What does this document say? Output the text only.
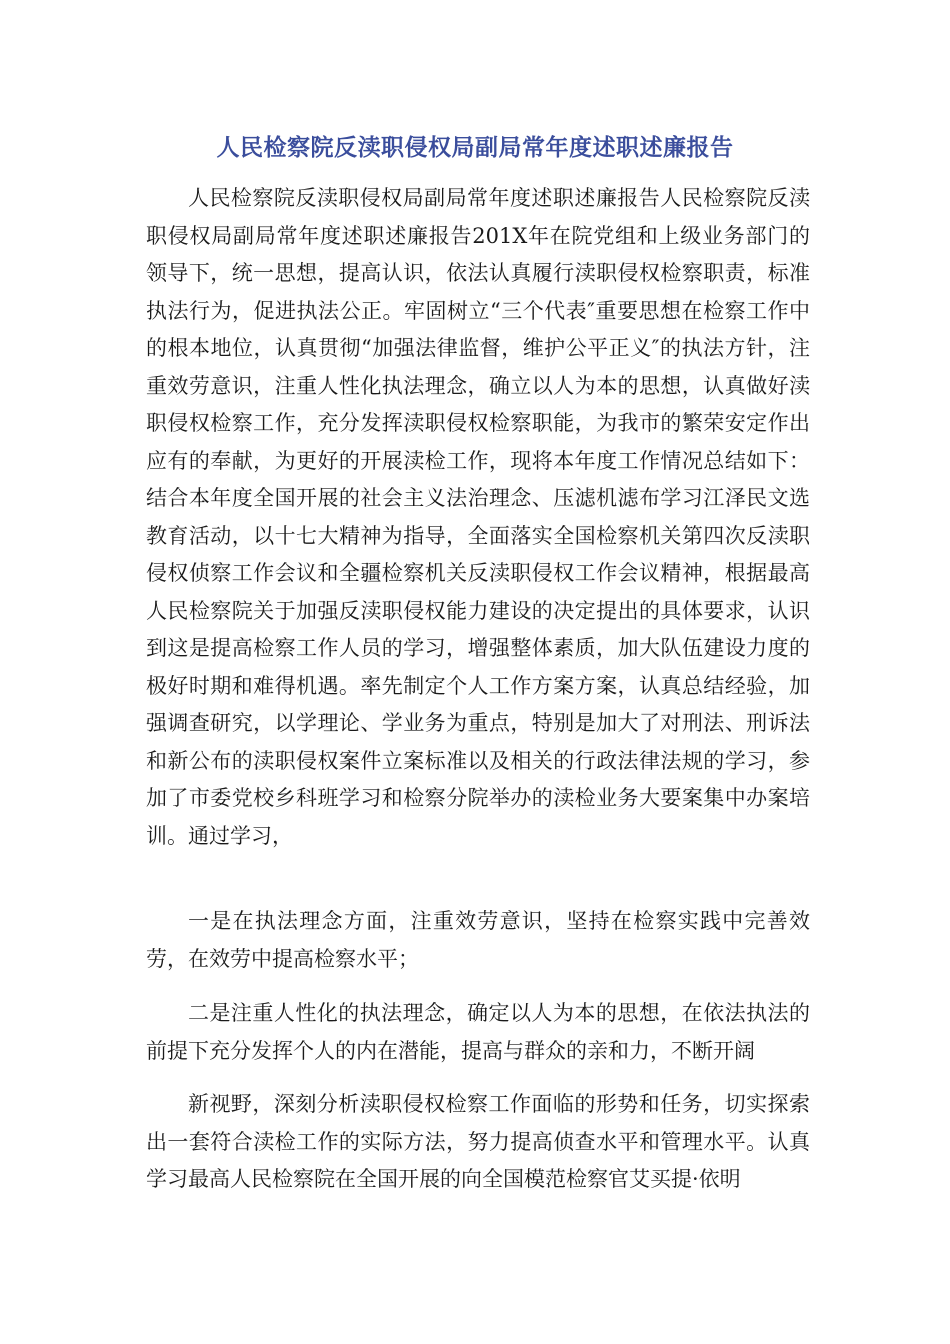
人民检察院反渎职侵权局副局常年度述职述廉报告

人民检察院反渎职侵权局副局常年度述职述廉报告人民检察院反渎职侵权局副局常年度述职述廉报告201X年在院党组和上级业务部门的领导下，统一思想，提高认识，依法认真履行渎职侵权检察职责，标准执法行为，促进执法公正。牢固树立“三个代表″重要思想在检察工作中的根本地位，认真贯彻“加强法律监督，维护公平正义″的执法方针，注重效劳意识，注重人性化执法理念，确立以人为本的思想，认真做好渎职侵权检察工作，充分发挥渎职侵权检察职能，为我市的繁荣安定作出应有的奉献，为更好的开展渎检工作，现将本年度工作情况总结如下：结合本年度全国开展的社会主义法治理念、压滤机滤布学习江泽民文选教育活动，以十七大精神为指导，全面落实全国检察机关第四次反渎职侵权侦察工作会议和全疆检察机关反渎职侵权工作会议精神，根据最高人民检察院关于加强反渎职侵权能力建设的决定提出的具体要求，认识到这是提高检察工作人员的学习，增强整体素质，加大队伍建设力度的极好时期和难得机遇。率先制定个人工作方案方案，认真总结经验，加强调查研究，以学理论、学业务为重点，特别是加大了对刑法、刑诉法和新公布的渎职侵权案件立案标准以及相关的行政法律法规的学习，参加了市委党校乡科班学习和检察分院举办的渎检业务大要案集中办案培训。通过学习，

一是在执法理念方面，注重效劳意识，坚持在检察实践中完善效劳，在效劳中提高检察水平；

二是注重人性化的执法理念，确定以人为本的思想，在依法执法的前提下充分发挥个人的内在潜能，提高与群众的亲和力，不断开阔

新视野，深刻分析渎职侵权检察工作面临的形势和任务，切实探索出一套符合渎检工作的实际方法，努力提高侦查水平和管理水平。认真学习最高人民检察院在全国开展的向全国模范检察官艾买提·依明
